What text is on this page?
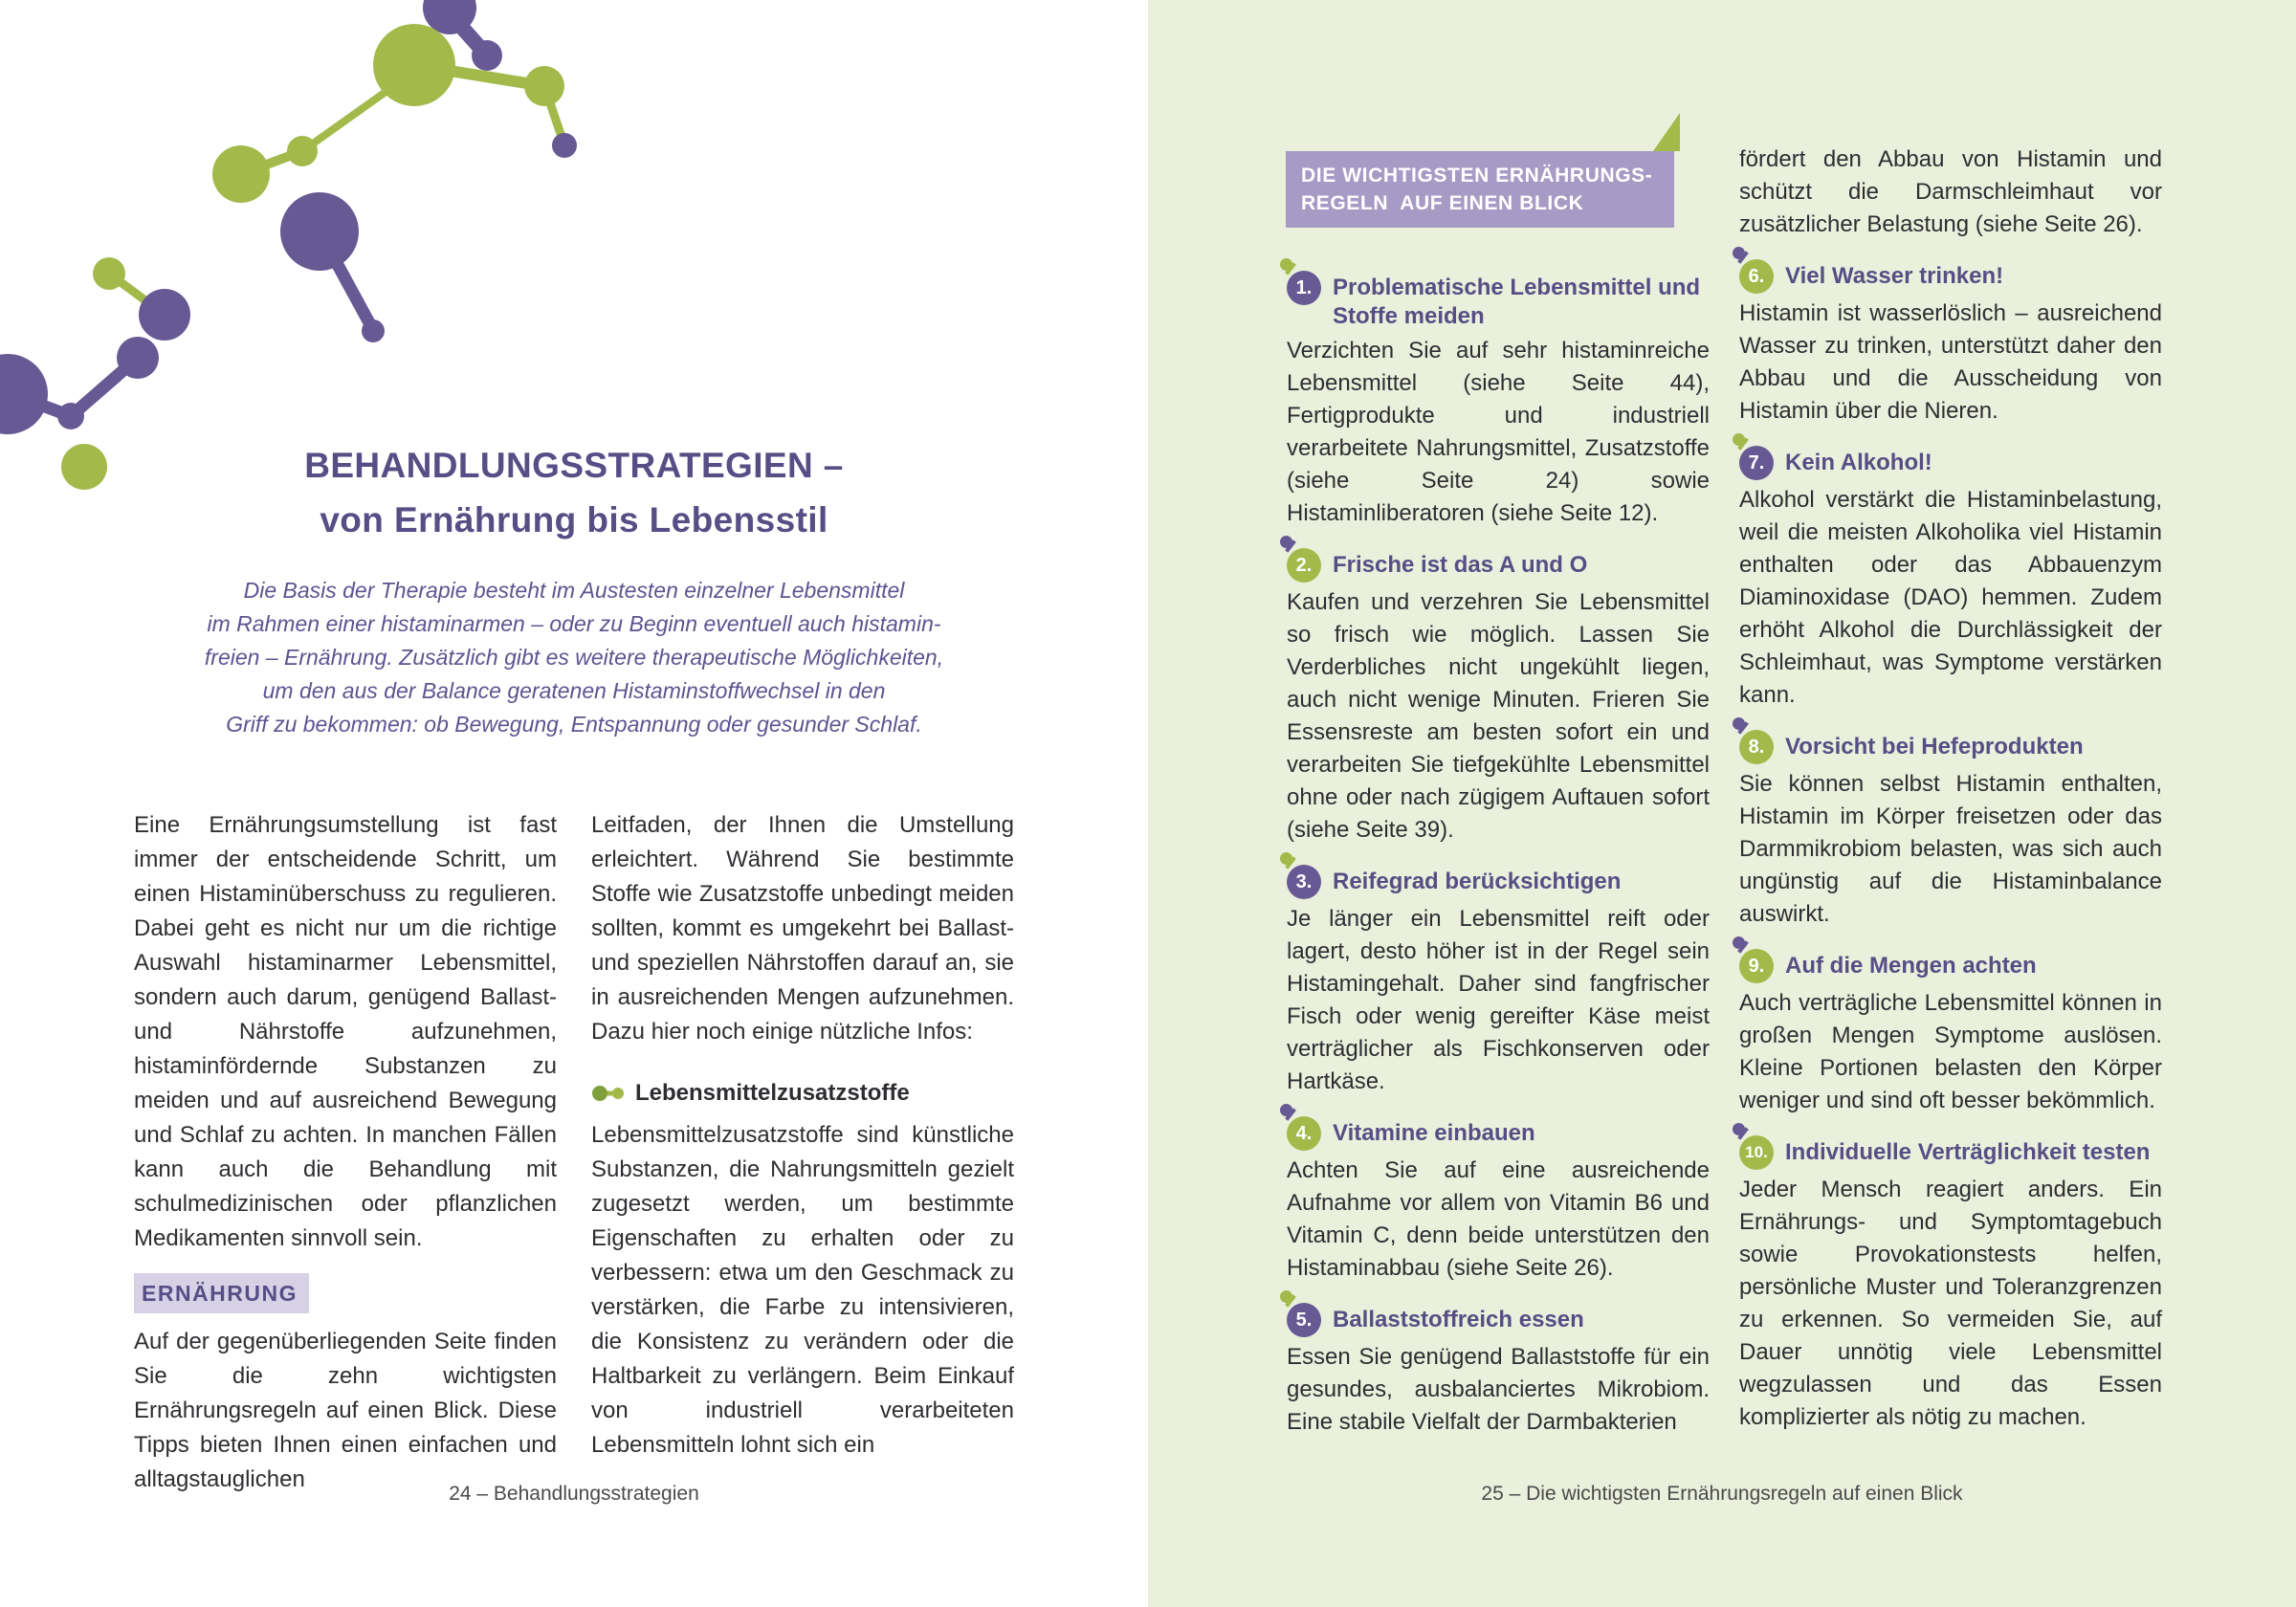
BEHANDLUNGSSTRATEGIEN –
von Ernährung bis Lebensstil
Die Basis der Therapie besteht im Austesten einzelner Lebensmittel
im Rahmen einer histaminarmen – oder zu Beginn eventuell auch histamin-
freien – Ernährung. Zusätzlich gibt es weitere therapeutische Möglichkeiten,
um den aus der Balance geratenen Histaminstoffwechsel in den
Griff zu bekommen: ob Bewegung, Entspannung oder gesunder Schlaf.

Eine Ernährungsumstellung ist fast immer der entscheidende Schritt, um einen Histaminüberschuss zu regulieren. Dabei geht es nicht nur um die richtige Auswahl histaminarmer Lebensmittel, sondern auch darum, genügend Ballast- und Nährstoffe aufzunehmen, histaminfördernde Substanzen zu meiden und auf ausreichend Bewegung und Schlaf zu achten. In manchen Fällen kann auch die Behandlung mit schulmedizinischen oder pflanzlichen Medikamenten sinnvoll sein.

ERNÄHRUNG

Auf der gegenüberliegenden Seite finden Sie die zehn wichtigsten Ernährungsregeln auf einen Blick. Diese Tipps bieten Ihnen einen einfachen und alltagstauglichen

Leitfaden, der Ihnen die Umstellung erleichtert. Während Sie bestimmte Stoffe wie Zusatzstoffe unbedingt meiden sollten, kommt es umgekehrt bei Ballast- und speziellen Nährstoffen darauf an, sie in ausreichenden Mengen aufzunehmen. Dazu hier noch einige nützliche Infos:

Lebensmittelzusatzstoffe

Lebensmittelzusatzstoffe sind künstliche Substanzen, die Nahrungsmitteln gezielt zugesetzt werden, um bestimmte Eigenschaften zu erhalten oder zu verbessern: etwa um den Geschmack zu verstärken, die Farbe zu intensivieren, die Konsistenz zu verändern oder die Haltbarkeit zu verlängern. Beim Einkauf von industriell verarbeiteten Lebensmitteln lohnt sich ein

24 – Behandlungsstrategien
DIE WICHTIGSTEN ERNÄHRUNGS-
REGELN  AUF EINEN BLICK
1. Problematische Lebensmittel und Stoffe meiden

Verzichten Sie auf sehr histaminreiche Lebensmittel (siehe Seite 44), Fertigprodukte und industriell verarbeitete Nahrungsmittel, Zusatzstoffe (siehe Seite 24) sowie Histaminliberatoren (siehe Seite 12).

2. Frische ist das A und O

Kaufen und verzehren Sie Lebensmittel so frisch wie möglich. Lassen Sie Verderbliches nicht ungekühlt liegen, auch nicht wenige Minuten. Frieren Sie Essensreste am besten sofort ein und verarbeiten Sie tiefgekühlte Lebensmittel ohne oder nach zügigem Auftauen sofort (siehe Seite 39).

3. Reifegrad berücksichtigen

Je länger ein Lebensmittel reift oder lagert, desto höher ist in der Regel sein Histamingehalt. Daher sind fangfrischer Fisch oder wenig gereifter Käse meist verträglicher als Fischkonserven oder Hartkäse.

4. Vitamine einbauen

Achten Sie auf eine ausreichende Aufnahme vor allem von Vitamin B6 und Vitamin C, denn beide unterstützen den Histaminabbau (siehe Seite 26).

5. Ballaststoffreich essen

Essen Sie genügend Ballaststoffe für ein gesundes, ausbalanciertes Mikrobiom. Eine stabile Vielfalt der Darmbakterien

fördert den Abbau von Histamin und schützt die Darmschleimhaut vor zusätzlicher Belastung (siehe Seite 26).

6. Viel Wasser trinken!

Histamin ist wasserlöslich – ausreichend Wasser zu trinken, unterstützt daher den Abbau und die Ausscheidung von Histamin über die Nieren.

7. Kein Alkohol!

Alkohol verstärkt die Histaminbelastung, weil die meisten Alkoholika viel Histamin enthalten oder das Abbauenzym Diaminoxidase (DAO) hemmen. Zudem erhöht Alkohol die Durchlässigkeit der Schleimhaut, was Symptome verstärken kann.

8. Vorsicht bei Hefeprodukten

Sie können selbst Histamin enthalten, Histamin im Körper freisetzen oder das Darmmikrobiom belasten, was sich auch ungünstig auf die Histaminbalance auswirkt.

9. Auf die Mengen achten

Auch verträgliche Lebensmittel können in großen Mengen Symptome auslösen. Kleine Portionen belasten den Körper weniger und sind oft besser bekömmlich.

10. Individuelle Verträglichkeit testen

Jeder Mensch reagiert anders. Ein Ernährungs- und Symptomtagebuch sowie Provokationstests helfen, persönliche Muster und Toleranzgrenzen zu erkennen. So vermeiden Sie, auf Dauer unnötig viele Lebensmittel wegzulassen und das Essen komplizierter als nötig zu machen.

25 – Die wichtigsten Ernährungsregeln auf einen Blick
